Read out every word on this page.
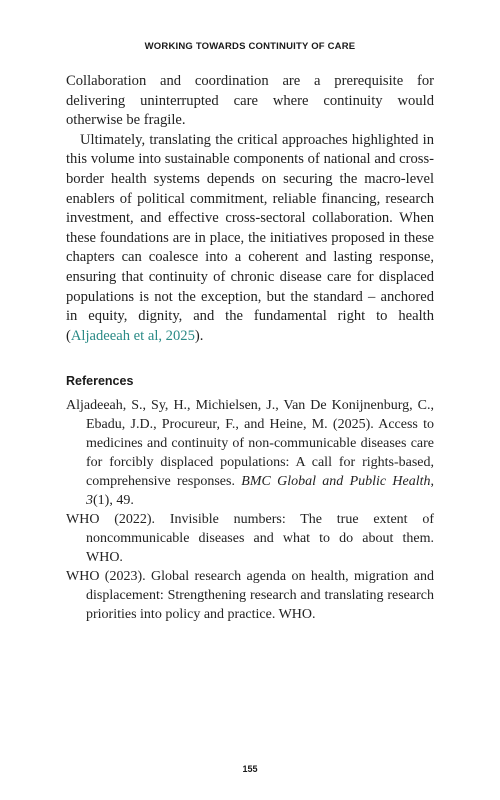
WORKING TOWARDS CONTINUITY OF CARE

Collaboration and coordination are a prerequisite for delivering uninterrupted care where continuity would otherwise be fragile.

Ultimately, translating the critical approaches highlighted in this volume into sustainable components of national and cross-border health systems depends on securing the macro-level enablers of political commitment, reliable financing, research investment, and effective cross-sectoral collaboration. When these foundations are in place, the initiatives proposed in these chapters can coalesce into a coherent and lasting response, ensuring that continuity of chronic disease care for displaced populations is not the exception, but the standard – anchored in equity, dignity, and the fundamental right to health (Aljadeeah et al, 2025).

References
Aljadeeah, S., Sy, H., Michielsen, J., Van De Konijnenburg, C., Ebadu, J.D., Procureur, F., and Heine, M. (2025). Access to medicines and continuity of non-communicable diseases care for forcibly displaced populations: A call for rights-based, comprehensive responses. BMC Global and Public Health, 3(1), 49.
WHO (2022). Invisible numbers: The true extent of noncommunicable diseases and what to do about them. WHO.
WHO (2023). Global research agenda on health, migration and displacement: Strengthening research and translating research priorities into policy and practice. WHO.
155
